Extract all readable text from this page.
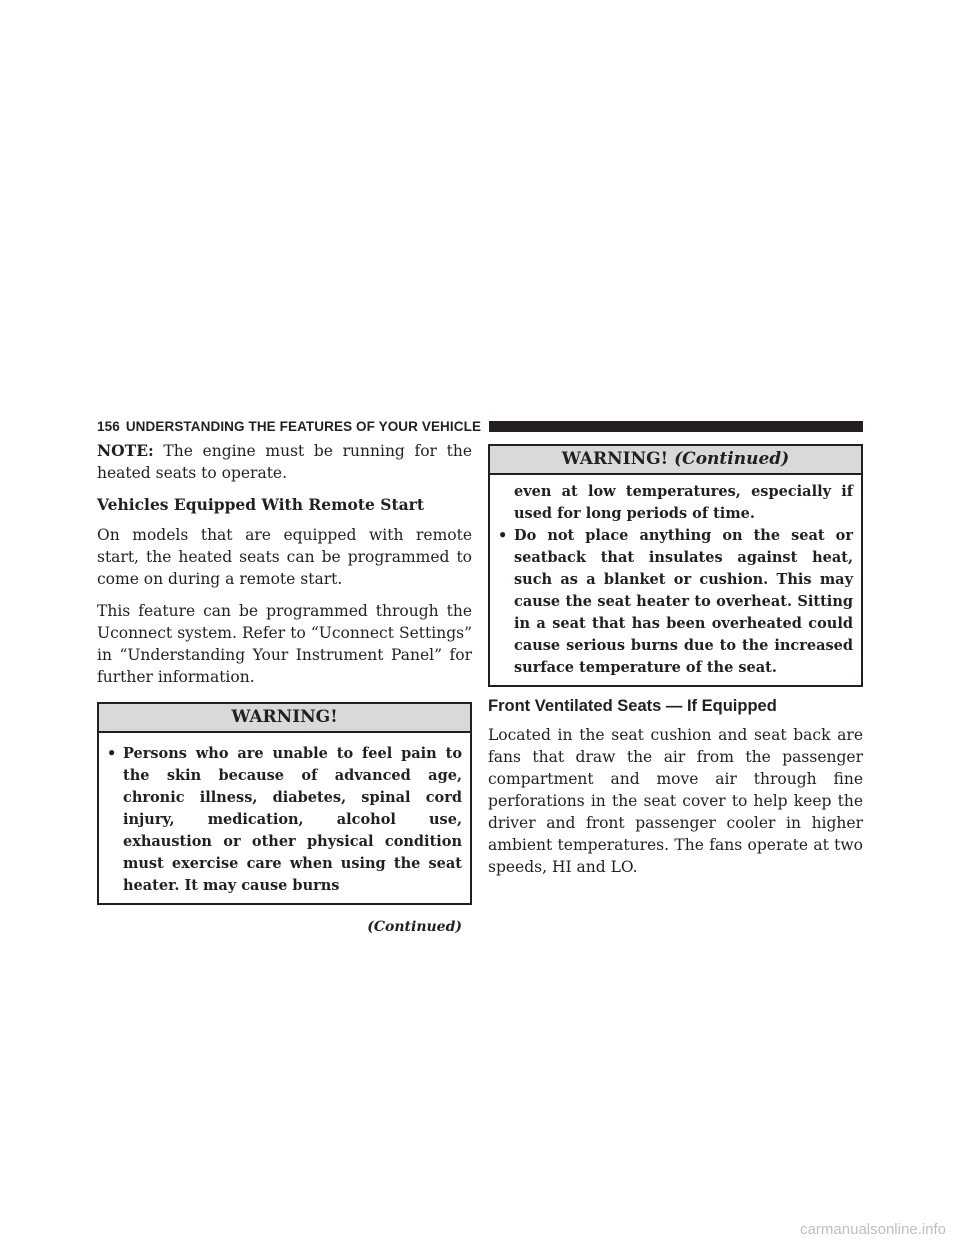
156 UNDERSTANDING THE FEATURES OF YOUR VEHICLE

NOTE: The engine must be running for the heated seats to operate.

Vehicles Equipped With Remote Start

On models that are equipped with remote start, the heated seats can be programmed to come on during a remote start.

This feature can be programmed through the Uconnect system. Refer to “Uconnect Settings” in “Understanding Your Instrument Panel” for further information.

WARNING!
• Persons who are unable to feel pain to the skin because of advanced age, chronic illness, diabetes, spinal cord injury, medication, alcohol use, exhaustion or other physical condition must exercise care when using the seat heater. It may cause burns
(Continued)
WARNING! (Continued)
even at low temperatures, especially if used for long periods of time.
• Do not place anything on the seat or seatback that insulates against heat, such as a blanket or cushion. This may cause the seat heater to overheat. Sitting in a seat that has been overheated could cause serious burns due to the increased surface temperature of the seat.
Front Ventilated Seats — If Equipped

Located in the seat cushion and seat back are fans that draw the air from the passenger compartment and move air through fine perforations in the seat cover to help keep the driver and front passenger cooler in higher ambient temperatures. The fans operate at two speeds, HI and LO.

carmanualsonline.info
